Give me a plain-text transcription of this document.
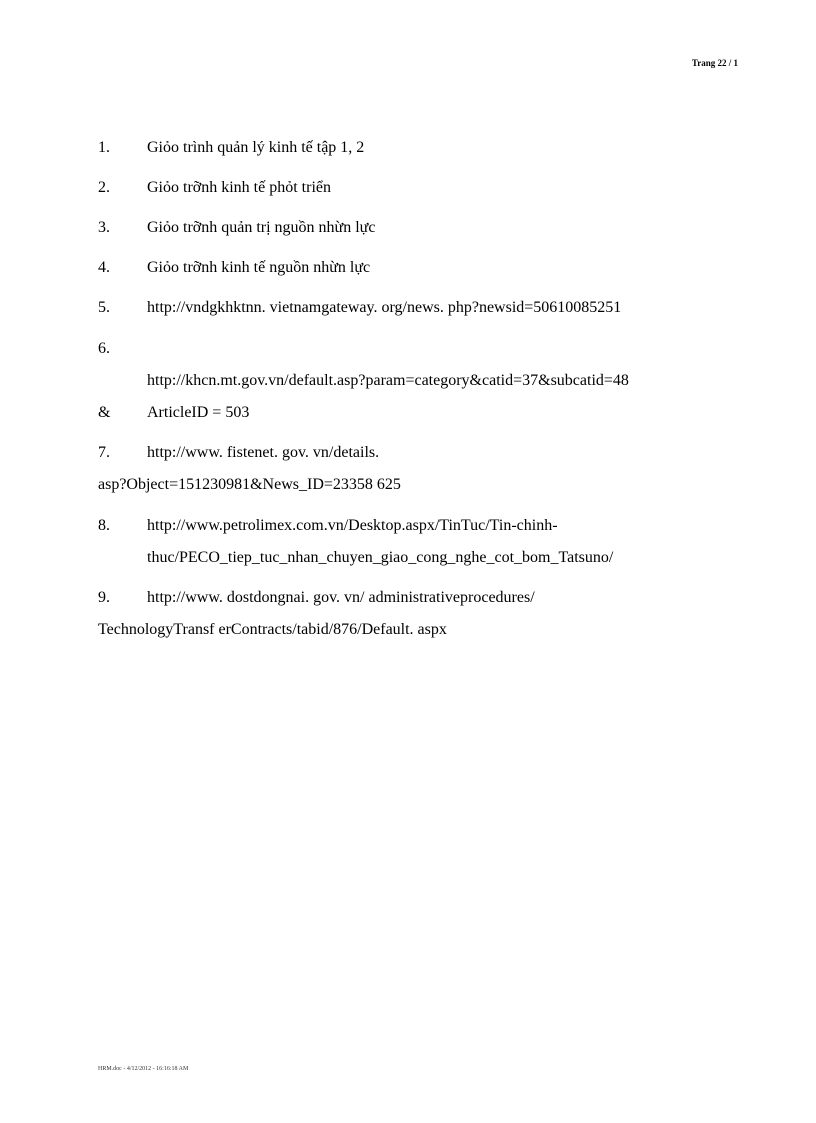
Trang 22 / 1
1. Giỏo trình quản lý kinh tế tập 1, 2
2. Giỏo trỡnh kinh tế phỏt triển
3. Giỏo trỡnh quản trị nguồn nhừn lực
4. Giỏo trỡnh kinh tế nguồn nhừn lực
5. http://vndgkhktnn. vietnamgateway. org/news. php?newsid=50610085251
6.
http://khcn.mt.gov.vn/default.asp?param=category&catid=37&subcatid=48
& ArticleID = 503
7. http://www. fistenet. gov. vn/details.
asp?Object=151230981&News_ID=23358 625
8. http://www.petrolimex.com.vn/Desktop.aspx/TinTuc/Tin-chinh-
thuc/PECO_tiep_tuc_nhan_chuyen_giao_cong_nghe_cot_bom_Tatsuno/
9. http://www. dostdongnai. gov. vn/ administrativeprocedures/
TechnologyTransf erContracts/tabid/876/Default. aspx
HRM.doc - 4/12/2012 - 16:16:18 AM
